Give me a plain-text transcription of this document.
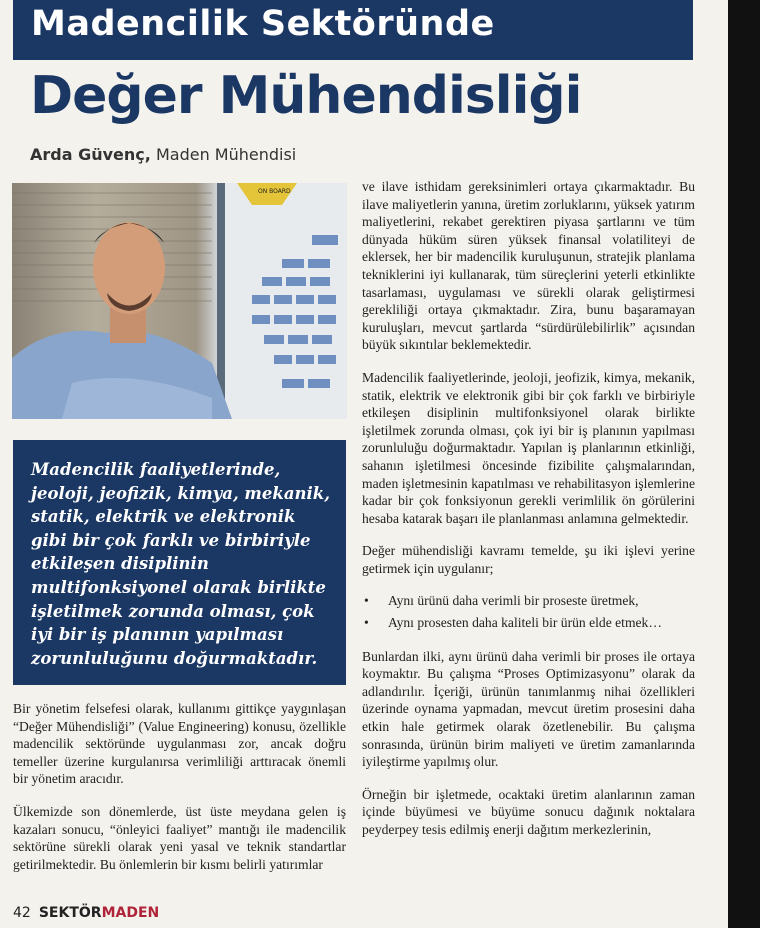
Madencilik Sektöründe
Değer Mühendisliği
Arda Güvenç, Maden Mühendisi
ON BOARD

Madencilik faaliyetlerinde, jeoloji, jeofizik, kimya, mekanik, statik, elektrik ve elektronik gibi bir çok farklı ve birbiriyle etkileşen disiplinin multifonksiyonel olarak birlikte işletilmek zorunda olması, çok iyi bir iş planının yapılması zorunluluğunu doğurmaktadır.

Bir yönetim felsefesi olarak, kullanımı gittikçe yaygınlaşan “Değer Mühendisliği” (Value Engineering) konusu, özellikle madencilik sektöründe uygulanması zor, ancak doğru temeller üzerine kurgulanırsa verimliliği arttıracak önemli bir yönetim aracıdır.

Ülkemizde son dönemlerde, üst üste meydana gelen iş kazaları sonucu, “önleyici faaliyet” mantığı ile madencilik sektörüne sürekli olarak yeni yasal ve teknik standartlar getirilmektedir. Bu önlemlerin bir kısmı belirli yatırımlar

ve ilave isthidam gereksinimleri ortaya çıkarmaktadır. Bu ilave maliyetlerin yanına, üretim zorluklarını, yüksek yatırım maliyetlerini, rekabet gerektiren piyasa şartlarını ve tüm dünyada hüküm süren yüksek finansal volatiliteyi de eklersek, her bir madencilik kuruluşunun, stratejik planlama tekniklerini iyi kullanarak, tüm süreçlerini yeterli etkinlikte tasarlaması, uygulaması ve sürekli olarak geliştirmesi gerekliliği ortaya çıkmaktadır. Zira, bunu başaramayan kuruluşları, mevcut şartlarda “sürdürülebilirlik” açısından büyük sıkıntılar beklemektedir.

Madencilik faaliyetlerinde, jeoloji, jeofizik, kimya, mekanik, statik, elektrik ve elektronik gibi bir çok farklı ve birbiriyle etkileşen disiplinin multifonksiyonel olarak birlikte işletilmek zorunda olması, çok iyi bir iş planının yapılması zorunluluğu doğurmaktadır. Yapılan iş planlarının etkinliği, sahanın işletilmesi öncesinde fizibilite çalışmalarından, maden işletmesinin kapatılması ve rehabilitasyon işlemlerine kadar bir çok fonksiyonun gerekli verimlilik ön görülerini hesaba katarak başarı ile planlanması anlamına gelmektedir.

Değer mühendisliği kavramı temelde, şu iki işlevi yerine getirmek için uygulanır;

• Aynı ürünü daha verimli bir proseste üretmek,
• Aynı prosesten daha kaliteli bir ürün elde etmek…

Bunlardan ilki, aynı ürünü daha verimli bir proses ile ortaya koymaktır. Bu çalışma “Proses Optimizasyonu” olarak da adlandırılır. İçeriği, ürünün tanımlanmış nihai özellikleri üzerinde oynama yapmadan, mevcut üretim prosesini daha etkin hale getirmek olarak özetlenebilir. Bu çalışma sonrasında, ürünün birim maliyeti ve üretim zamanlarında iyileştirme yapılmış olur.

Örneğin bir işletmede, ocaktaki üretim alanlarının zaman içinde büyümesi ve büyüme sonucu dağınık noktalara peyderpey tesis edilmiş enerji dağıtım merkezlerinin,

42 SEKTÖRMADEN
